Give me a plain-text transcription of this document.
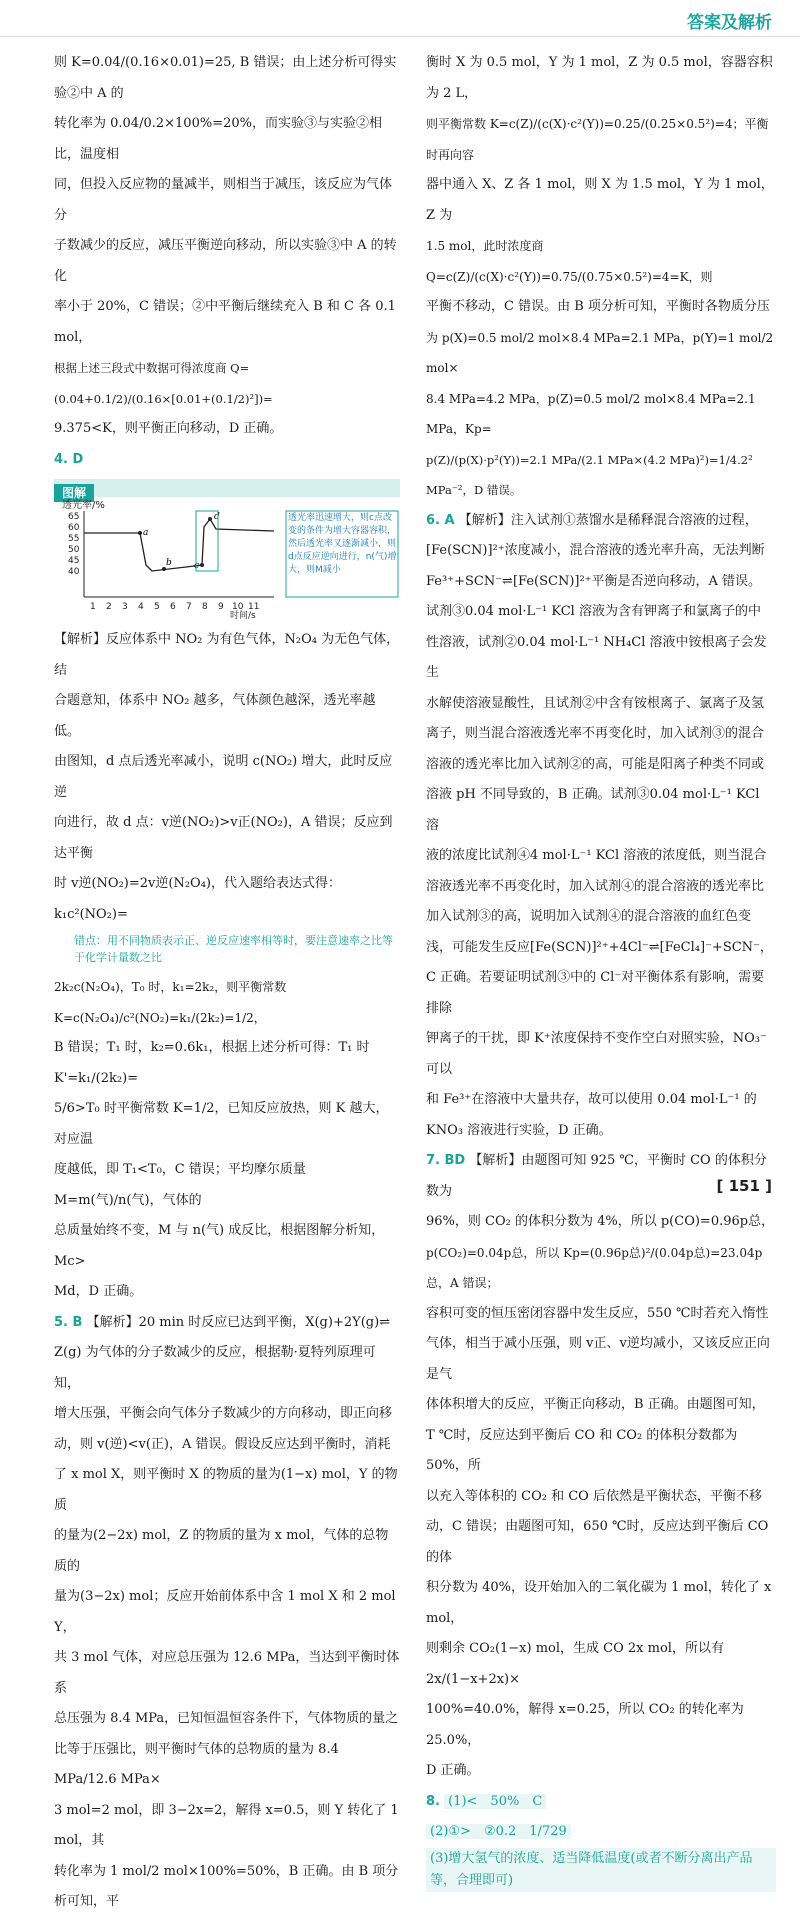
答案及解析

则 K=0.04/(0.16×0.01)=25, B 错误；由上述分析可得实验②中 A 的

转化率为 0.04/0.2×100%=20%，而实验③与实验②相比，温度相

同，但投入反应物的量减半，则相当于减压，该反应为气体分

子数减少的反应，减压平衡逆向移动，所以实验③中 A 的转化

率小于 20%，C 错误；②中平衡后继续充入 B 和 C 各 0.1 mol，

根据上述三段式中数据可得浓度商 Q=(0.04+0.1/2)/(0.16×[0.01+(0.1/2)²])=

9.375<K，则平衡正向移动，D 正确。

4. D

图解
透光率/%
65
60
55
50
45
40
1 2 3 4 5 6 7 8 9 10 11
时间/s
a
b c
d	透光率迅速增大，则c点改变的条件为增大容器容积，然后透光率又逐渐减小，则d点反应逆向进行，n(气)增大，则M减小

【解析】反应体系中 NO₂ 为有色气体，N₂O₄ 为无色气体，结

合题意知，体系中 NO₂ 越多，气体颜色越深，透光率越低。

由图知，d 点后透光率减小，说明 c(NO₂) 增大，此时反应逆

向进行，故 d 点：v逆(NO₂)>v正(NO₂)，A 错误；反应到达平衡

时 v逆(NO₂)=2v逆(N₂O₄)，代入题给表达式得：k₁c²(NO₂)=

错点：用不同物质表示正、逆反应速率相等时，要注意速率之比等于化学计量数之比

2k₂c(N₂O₄)，T₀ 时，k₁=2k₂，则平衡常数 K=c(N₂O₄)/c²(NO₂)=k₁/(2k₂)=1/2，

B 错误；T₁ 时，k₂=0.6k₁，根据上述分析可得：T₁ 时 K'=k₁/(2k₂)=

5/6>T₀ 时平衡常数 K=1/2，已知反应放热，则 K 越大，对应温

度越低，即 T₁<T₀，C 错误；平均摩尔质量 M=m(气)/n(气)，气体的

总质量始终不变，M 与 n(气) 成反比，根据图解分析知，Mc>

Md，D 正确。

5. B 【解析】20 min 时反应已达到平衡，X(g)+2Y(g)⇌

Z(g) 为气体的分子数减少的反应，根据勒·夏特列原理可知，

增大压强，平衡会向气体分子数减少的方向移动，即正向移

动，则 v(逆)<v(正)，A 错误。假设反应达到平衡时，消耗

了 x mol X，则平衡时 X 的物质的量为(1−x) mol，Y 的物质

的量为(2−2x) mol，Z 的物质的量为 x mol，气体的总物质的

量为(3−2x) mol；反应开始前体系中含 1 mol X 和 2 mol Y，

共 3 mol 气体，对应总压强为 12.6 MPa，当达到平衡时体系

总压强为 8.4 MPa，已知恒温恒容条件下，气体物质的量之

比等于压强比，则平衡时气体的总物质的量为 8.4 MPa/12.6 MPa×

3 mol=2 mol，即 3−2x=2，解得 x=0.5，则 Y 转化了 1 mol，其

转化率为 1 mol/2 mol×100%=50%，B 正确。由 B 项分析可知，平

衡时 X 为 0.5 mol，Y 为 1 mol，Z 为 0.5 mol，容器容积为 2 L，

则平衡常数 K=c(Z)/(c(X)·c²(Y))=0.25/(0.25×0.5²)=4；平衡时再向容

器中通入 X、Z 各 1 mol，则 X 为 1.5 mol，Y 为 1 mol，Z 为

1.5 mol，此时浓度商 Q=c(Z)/(c(X)·c²(Y))=0.75/(0.75×0.5²)=4=K，则

平衡不移动，C 错误。由 B 项分析可知，平衡时各物质分压

为 p(X)=0.5 mol/2 mol×8.4 MPa=2.1 MPa，p(Y)=1 mol/2 mol×

8.4 MPa=4.2 MPa，p(Z)=0.5 mol/2 mol×8.4 MPa=2.1 MPa，Kp=

p(Z)/(p(X)·p²(Y))=2.1 MPa/(2.1 MPa×(4.2 MPa)²)=1/4.2² MPa⁻²，D 错误。

6. A 【解析】注入试剂①蒸馏水是稀释混合溶液的过程，

[Fe(SCN)]²⁺浓度减小，混合溶液的透光率升高，无法判断

Fe³⁺+SCN⁻⇌[Fe(SCN)]²⁺平衡是否逆向移动，A 错误。

试剂③0.04 mol·L⁻¹ KCl 溶液为含有钾离子和氯离子的中

性溶液，试剂②0.04 mol·L⁻¹ NH₄Cl 溶液中铵根离子会发生

水解使溶液显酸性，且试剂②中含有铵根离子、氯离子及氢

离子，则当混合溶液透光率不再变化时，加入试剂③的混合

溶液的透光率比加入试剂②的高，可能是阳离子种类不同或

溶液 pH 不同导致的，B 正确。试剂③0.04 mol·L⁻¹ KCl 溶

液的浓度比试剂④4 mol·L⁻¹ KCl 溶液的浓度低，则当混合

溶液透光率不再变化时，加入试剂④的混合溶液的透光率比

加入试剂③的高，说明加入试剂④的混合溶液的血红色变

浅，可能发生反应[Fe(SCN)]²⁺+4Cl⁻⇌[FeCl₄]⁻+SCN⁻，

C 正确。若要证明试剂③中的 Cl⁻对平衡体系有影响，需要排除

钾离子的干扰，即 K⁺浓度保持不变作空白对照实验，NO₃⁻可以

和 Fe³⁺在溶液中大量共存，故可以使用 0.04 mol·L⁻¹ 的

KNO₃ 溶液进行实验，D 正确。

7. BD 【解析】由题图可知 925 ℃，平衡时 CO 的体积分数为

96%，则 CO₂ 的体积分数为 4%，所以 p(CO)=0.96p总，

p(CO₂)=0.04p总，所以 Kp=(0.96p总)²/(0.04p总)=23.04p总，A 错误；

容积可变的恒压密闭容器中发生反应，550 ℃时若充入惰性

气体，相当于减小压强，则 v正、v逆均减小，又该反应正向是气

体体积增大的反应，平衡正向移动，B 正确。由题图可知，

T ℃时，反应达到平衡后 CO 和 CO₂ 的体积分数都为 50%，所

以充入等体积的 CO₂ 和 CO 后依然是平衡状态，平衡不移

动，C 错误；由题图可知，650 ℃时，反应达到平衡后 CO 的体

积分数为 40%，设开始加入的二氧化碳为 1 mol，转化了 x mol，

则剩余 CO₂(1−x) mol，生成 CO 2x mol，所以有 2x/(1−x+2x)×

100%=40.0%，解得 x=0.25，所以 CO₂ 的转化率为 25.0%，

D 正确。

8. (1)<　50%　C

(2)①>　②0.2　1/729

(3)增大氢气的浓度、适当降低温度(或者不断分离出产品

等，合理即可)

[ 151 ]
